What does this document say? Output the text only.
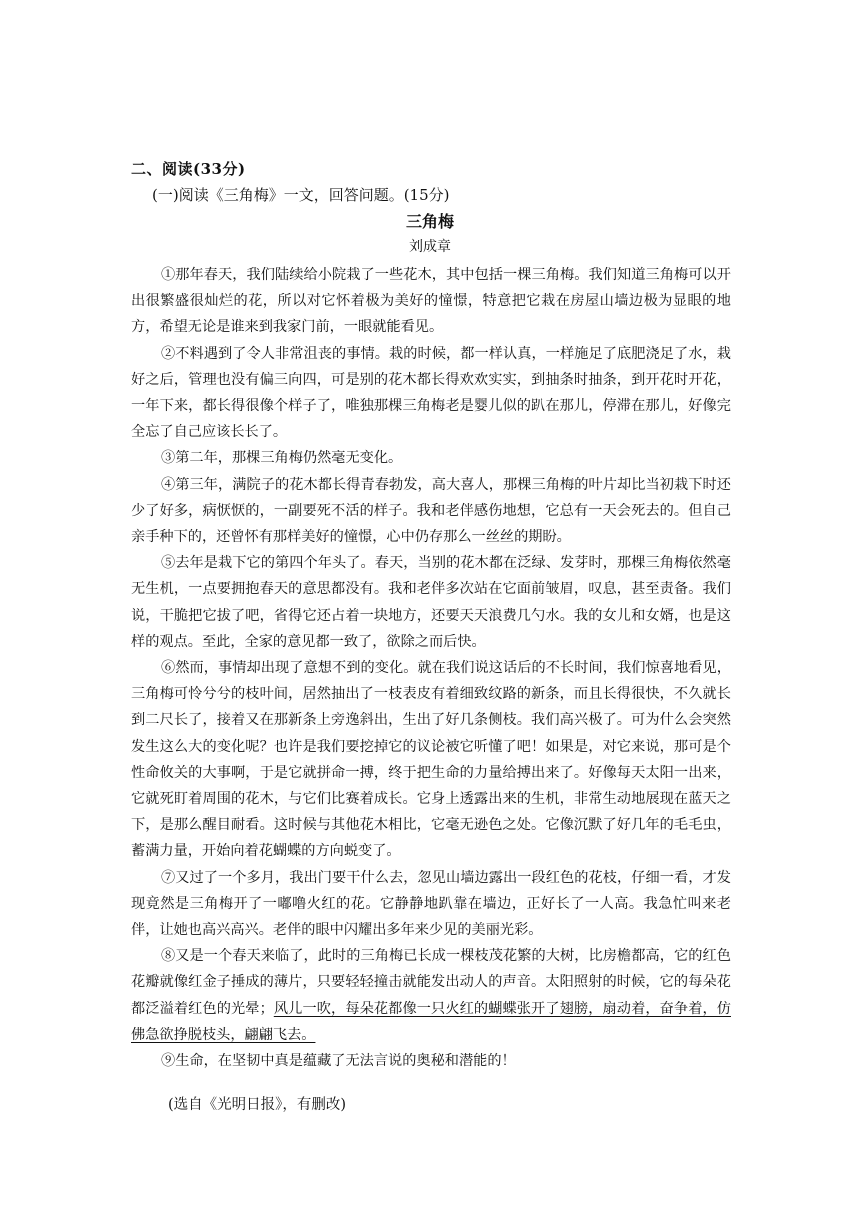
二、阅读(33分)
(一)阅读《三角梅》一文，回答问题。(15分)
三角梅
刘成章

①那年春天，我们陆续给小院栽了一些花木，其中包括一棵三角梅。我们知道三角梅可以开出很繁盛很灿烂的花，所以对它怀着极为美好的憧憬，特意把它栽在房屋山墙边极为显眼的地方，希望无论是谁来到我家门前，一眼就能看见。

②不料遇到了令人非常沮丧的事情。栽的时候，都一样认真，一样施足了底肥浇足了水，栽好之后，管理也没有偏三向四，可是别的花木都长得欢欢实实，到抽条时抽条，到开花时开花，一年下来，都长得很像个样子了，唯独那棵三角梅老是婴儿似的趴在那儿，停滞在那儿，好像完全忘了自己应该长长了。

③第二年，那棵三角梅仍然毫无变化。

④第三年，满院子的花木都长得青春勃发，高大喜人，那棵三角梅的叶片却比当初栽下时还少了好多，病恹恹的，一副要死不活的样子。我和老伴感伤地想，它总有一天会死去的。但自己亲手种下的，还曾怀有那样美好的憧憬，心中仍存那么一丝丝的期盼。

⑤去年是栽下它的第四个年头了。春天，当别的花木都在泛绿、发芽时，那棵三角梅依然毫无生机，一点要拥抱春天的意思都没有。我和老伴多次站在它面前皱眉，叹息，甚至责备。我们说，干脆把它拔了吧，省得它还占着一块地方，还要天天浪费几勺水。我的女儿和女婿，也是这样的观点。至此，全家的意见都一致了，欲除之而后快。

⑥然而，事情却出现了意想不到的变化。就在我们说这话后的不长时间，我们惊喜地看见，三角梅可怜兮兮的枝叶间，居然抽出了一枝表皮有着细致纹路的新条，而且长得很快，不久就长到二尺长了，接着又在那新条上旁逸斜出，生出了好几条侧枝。我们高兴极了。可为什么会突然发生这么大的变化呢？也许是我们要挖掉它的议论被它听懂了吧！如果是，对它来说，那可是个性命攸关的大事啊，于是它就拼命一搏，终于把生命的力量给搏出来了。好像每天太阳一出来，它就死盯着周围的花木，与它们比赛着成长。它身上透露出来的生机，非常生动地展现在蓝天之下，是那么醒目耐看。这时候与其他花木相比，它毫无逊色之处。它像沉默了好几年的毛毛虫，蓄满力量，开始向着花蝴蝶的方向蜕变了。

⑦又过了一个多月，我出门要干什么去，忽见山墙边露出一段红色的花枝，仔细一看，才发现竟然是三角梅开了一嘟噜火红的花。它静静地趴靠在墙边，正好长了一人高。我急忙叫来老伴，让她也高兴高兴。老伴的眼中闪耀出多年来少见的美丽光彩。

⑧又是一个春天来临了，此时的三角梅已长成一棵枝茂花繁的大树，比房檐都高，它的红色花瓣就像红金子捶成的薄片，只要轻轻撞击就能发出动人的声音。太阳照射的时候，它的每朵花都泛溢着红色的光晕；风儿一吹，每朵花都像一只火红的蝴蝶张开了翅膀，扇动着，奋争着，仿佛急欲挣脱枝头，翩翩飞去。

⑨生命，在坚韧中真是蕴藏了无法言说的奥秘和潜能的！

(选自《光明日报》，有删改)
